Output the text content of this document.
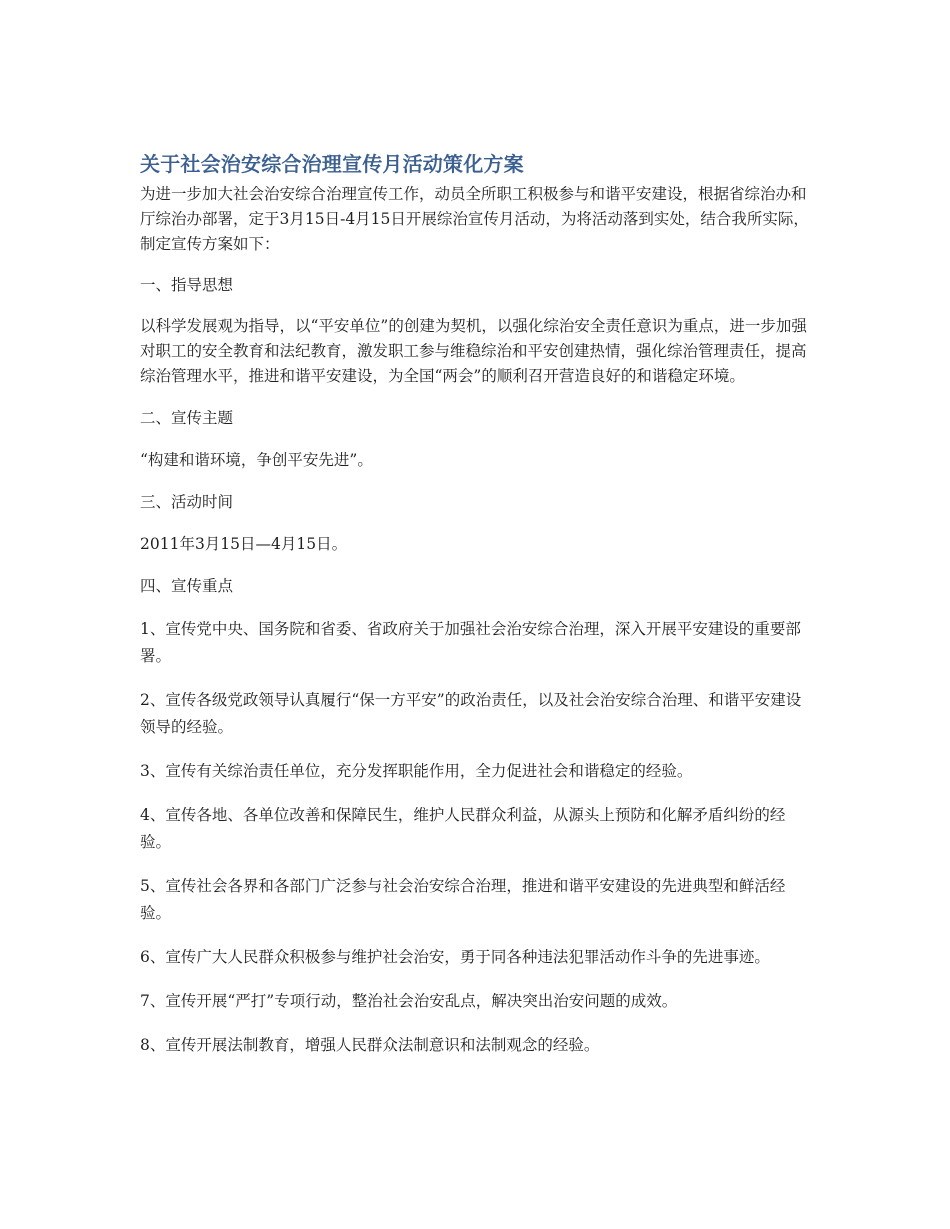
关于社会治安综合治理宣传月活动策化方案

为进一步加大社会治安综合治理宣传工作，动员全所职工积极参与和谐平安建设，根据省综治办和厅综治办部署，定于3月15日-4月15日开展综治宣传月活动，为将活动落到实处，结合我所实际，制定宣传方案如下：

一、指导思想

以科学发展观为指导，以“平安单位”的创建为契机，以强化综治安全责任意识为重点，进一步加强对职工的安全教育和法纪教育，激发职工参与维稳综治和平安创建热情，强化综治管理责任，提高综治管理水平，推进和谐平安建设，为全国“两会”的顺利召开营造良好的和谐稳定环境。

二、宣传主题

“构建和谐环境，争创平安先进”。

三、活动时间

2011年3月15日—4月15日。

四、宣传重点

1、宣传党中央、国务院和省委、省政府关于加强社会治安综合治理，深入开展平安建设的重要部署。

2、宣传各级党政领导认真履行“保一方平安”的政治责任，以及社会治安综合治理、和谐平安建设领导的经验。

3、宣传有关综治责任单位，充分发挥职能作用，全力促进社会和谐稳定的经验。

4、宣传各地、各单位改善和保障民生，维护人民群众利益，从源头上预防和化解矛盾纠纷的经验。

5、宣传社会各界和各部门广泛参与社会治安综合治理，推进和谐平安建设的先进典型和鲜活经验。

6、宣传广大人民群众积极参与维护社会治安，勇于同各种违法犯罪活动作斗争的先进事迹。

7、宣传开展“严打”专项行动，整治社会治安乱点，解决突出治安问题的成效。

8、宣传开展法制教育，增强人民群众法制意识和法制观念的经验。
